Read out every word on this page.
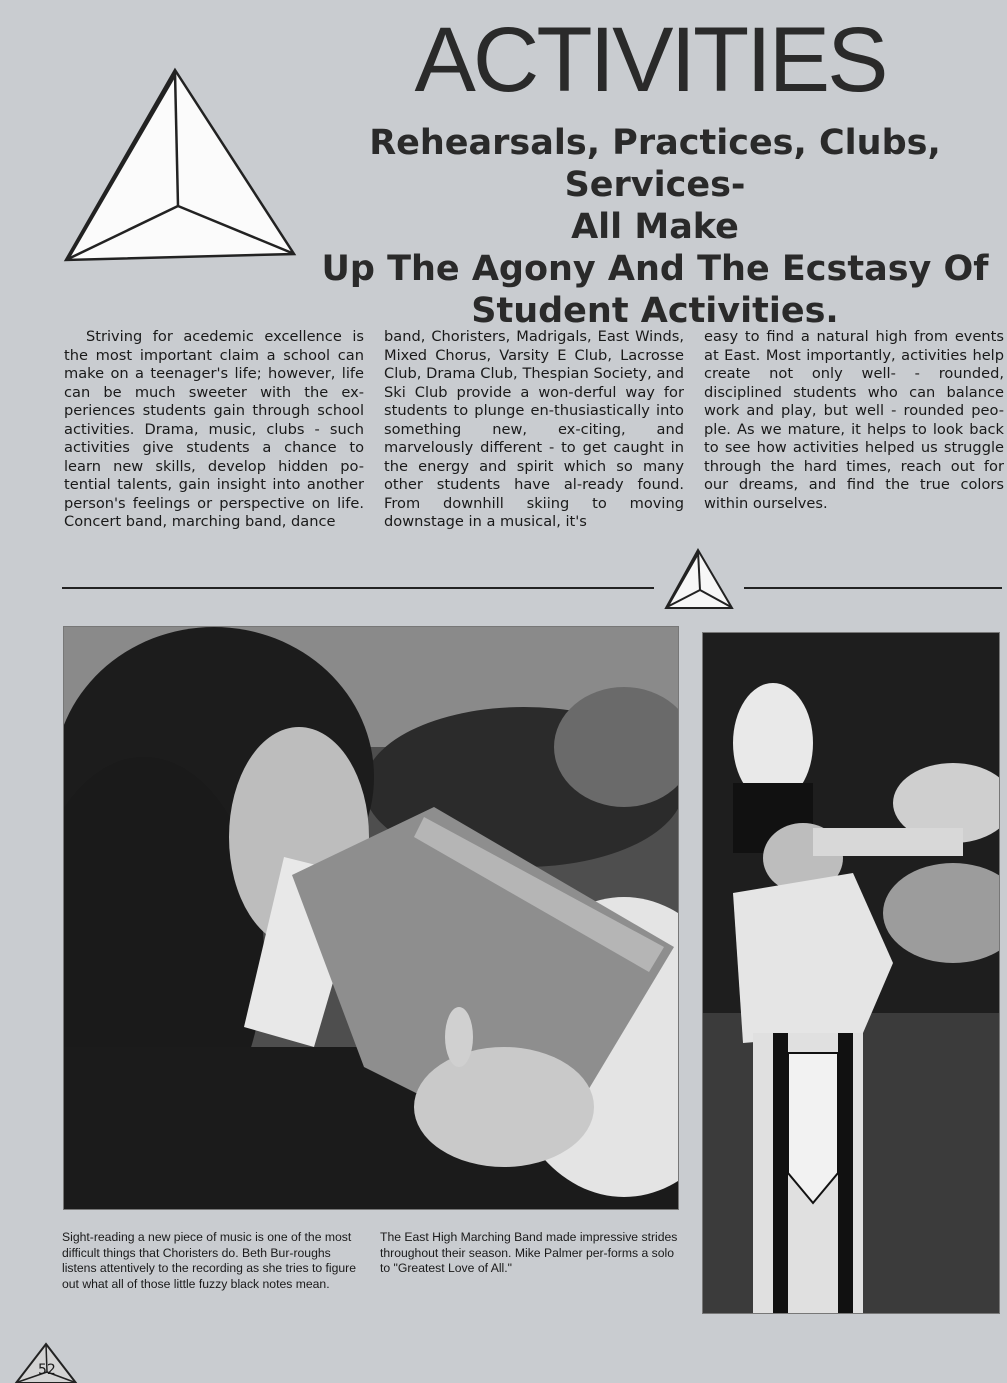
ACTIVITIES
Rehearsals, Practices, Clubs, Services-
All Make
Up The Agony And The Ecstasy Of
Student Activities.

Striving for acedemic excellence is the most important claim a school can make on a teenager's life; however, life can be much sweeter with the ex-periences students gain through school activities. Drama, music, clubs - such activities give students a chance to learn new skills, develop hidden po-tential talents, gain insight into another person's feelings or perspective on life. Concert band, marching band, dance

band, Choristers, Madrigals, East Winds, Mixed Chorus, Varsity E Club, Lacrosse Club, Drama Club, Thespian Society, and Ski Club provide a won-derful way for students to plunge en-thusiastically into something new, ex-citing, and marvelously different - to get caught in the energy and spirit which so many other students have al-ready found. From downhill skiing to moving downstage in a musical, it's

easy to find a natural high from events at East. Most importantly, activities help create not only well- - rounded, disciplined students who can balance work and play, but well - rounded peo-ple. As we mature, it helps to look back to see how activities helped us struggle through the hard times, reach out for our dreams, and find the true colors within ourselves.

Sight-reading a new piece of music is one of the most difficult things that Choristers do. Beth Bur-roughs listens attentively to the recording as she tries to figure out what all of those little fuzzy black notes mean.

The East High Marching Band made impressive strides throughout their season. Mike Palmer per-forms a solo to "Greatest Love of All."

52
